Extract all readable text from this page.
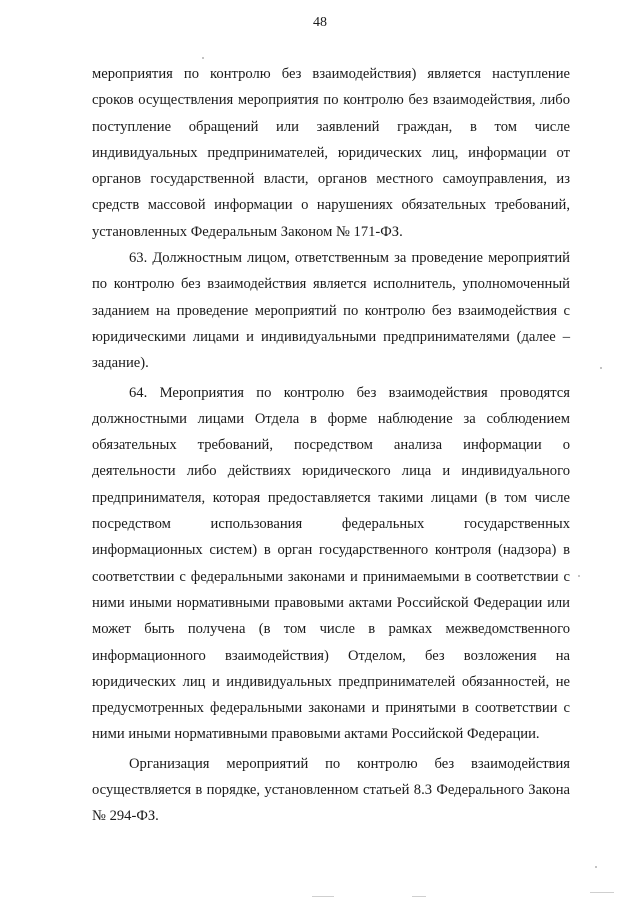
48

мероприятия по контролю без взаимодействия) является наступление сроков осуществления мероприятия по контролю без взаимодействия, либо поступление обращений или заявлений граждан, в том числе индивидуальных предпринимателей, юридических лиц, информации от органов государственной власти, органов местного самоуправления, из средств массовой информации о нарушениях обязательных требований, установленных Федеральным Законом № 171-ФЗ.

63. Должностным лицом, ответственным за проведение мероприятий по контролю без взаимодействия является исполнитель, уполномоченный заданием на проведение мероприятий по контролю без взаимодействия с юридическими лицами и индивидуальными предпринимателями (далее – задание).

64. Мероприятия по контролю без взаимодействия проводятся должностными лицами Отдела в форме наблюдение за соблюдением обязательных требований, посредством анализа информации о деятельности либо действиях юридического лица и индивидуального предпринимателя, которая предоставляется такими лицами (в том числе посредством использования федеральных государственных информационных систем) в орган государственного контроля (надзора) в соответствии с федеральными законами и принимаемыми в соответствии с ними иными нормативными правовыми актами Российской Федерации или может быть получена (в том числе в рамках межведомственного информационного взаимодействия) Отделом, без возложения на юридических лиц и индивидуальных предпринимателей обязанностей, не предусмотренных федеральными законами и принятыми в соответствии с ними иными нормативными правовыми актами Российской Федерации.

Организация мероприятий по контролю без взаимодействия осуществляется в порядке, установленном статьей 8.3 Федерального Закона № 294-ФЗ.
